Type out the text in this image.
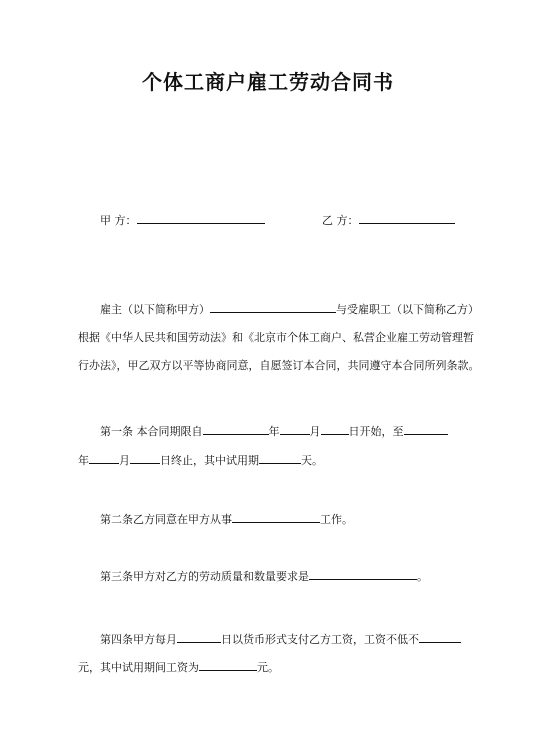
个体工商户雇工劳动合同书
甲 方：	乙 方：
雇主（以下简称甲方）	与受雇职工（以下简称乙方）
根据《中华人民共和国劳动法》和《北京市个体工商户、私营企业雇工劳动管理暂
行办法》，甲乙双方以平等协商同意，自愿签订本合同，共同遵守本合同所列条款。
第一条 本合同期限自	年	月	日开始，至
年	月	日终止，其中试用期	天。
第二条乙方同意在甲方从事	工作。
第三条甲方对乙方的劳动质量和数量要求是	。
第四条甲方每月	日以货币形式支付乙方工资，工资不低不
元，其中试用期间工资为	元。
